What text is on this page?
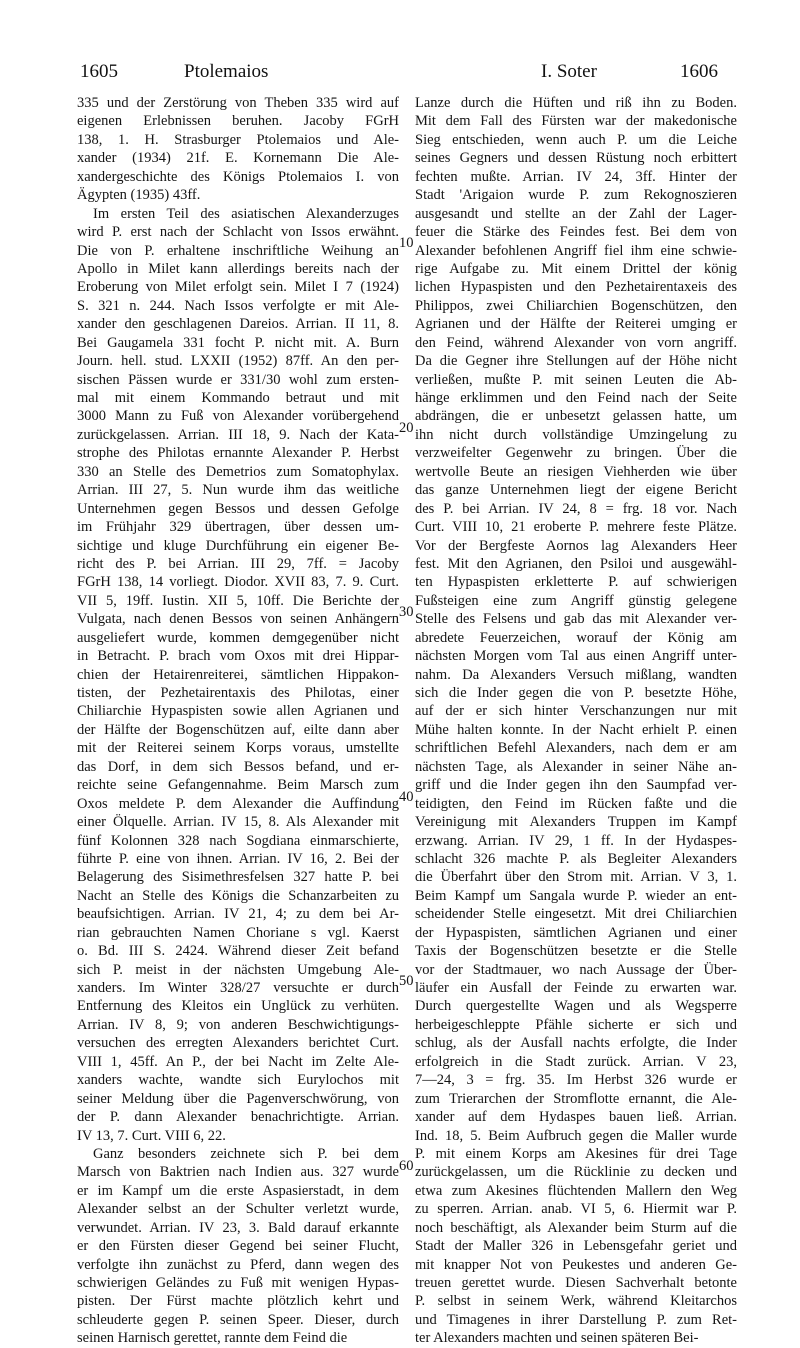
1605	Ptolemaios	I. Soter	1606
335 und der Zerstörung von Theben 335 wird auf
eigenen Erlebnissen beruhen. Jacoby FGrH
138, 1. H. Strasburger Ptolemaios und Ale-
xander (1934) 21f. E. Kornemann Die Ale-
xandergeschichte des Königs Ptolemaios I. von
Ägypten (1935) 43ff.
Im ersten Teil des asiatischen Alexanderzuges
wird P. erst nach der Schlacht von Issos erwähnt.
Die von P. erhaltene inschriftliche Weihung an
Apollo in Milet kann allerdings bereits nach der
Eroberung von Milet erfolgt sein. Milet I 7 (1924)
S. 321 n. 244. Nach Issos verfolgte er mit Ale-
xander den geschlagenen Dareios. Arrian. II 11, 8.
Bei Gaugamela 331 focht P. nicht mit. A. Burn
Journ. hell. stud. LXXII (1952) 87ff. An den per-
sischen Pässen wurde er 331/30 wohl zum ersten-
mal mit einem Kommando betraut und mit
3000 Mann zu Fuß von Alexander vorübergehend
zurückgelassen. Arrian. III 18, 9. Nach der Kata-
strophe des Philotas ernannte Alexander P. Herbst
330 an Stelle des Demetrios zum Somatophylax.
Arrian. III 27, 5. Nun wurde ihm das weitliche
Unternehmen gegen Bessos und dessen Gefolge
im Frühjahr 329 übertragen, über dessen um-
sichtige und kluge Durchführung ein eigener Be-
richt des P. bei Arrian. III 29, 7ff. = Jacoby
FGrH 138, 14 vorliegt. Diodor. XVII 83, 7. 9. Curt.
VII 5, 19ff. Iustin. XII 5, 10ff. Die Berichte der
Vulgata, nach denen Bessos von seinen Anhängern
ausgeliefert wurde, kommen demgegenüber nicht
in Betracht. P. brach vom Oxos mit drei Hippar-
chien der Hetairenreiterei, sämtlichen Hippakon-
tisten, der Pezhetairentaxis des Philotas, einer
Chiliarchie Hypaspisten sowie allen Agrianen und
der Hälfte der Bogenschützen auf, eilte dann aber
mit der Reiterei seinem Korps voraus, umstellte
das Dorf, in dem sich Bessos befand, und er-
reichte seine Gefangennahme. Beim Marsch zum
Oxos meldete P. dem Alexander die Auffindung
einer Ölquelle. Arrian. IV 15, 8. Als Alexander mit
fünf Kolonnen 328 nach Sogdiana einmarschierte,
führte P. eine von ihnen. Arrian. IV 16, 2. Bei der
Belagerung des Sisimethresfelsen 327 hatte P. bei
Nacht an Stelle des Königs die Schanzarbeiten zu
beaufsichtigen. Arrian. IV 21, 4; zu dem bei Ar-
rian gebrauchten Namen Choriane s vgl. Kaerst
o. Bd. III S. 2424. Während dieser Zeit befand
sich P. meist in der nächsten Umgebung Ale-
xanders. Im Winter 328/27 versuchte er durch
Entfernung des Kleitos ein Unglück zu verhüten.
Arrian. IV 8, 9; von anderen Beschwichtigungs-
versuchen des erregten Alexanders berichtet Curt.
VIII 1, 45ff. An P., der bei Nacht im Zelte Ale-
xanders wachte, wandte sich Eurylochos mit
seiner Meldung über die Pagenverschwörung, von
der P. dann Alexander benachrichtigte. Arrian.
IV 13, 7. Curt. VIII 6, 22.
Ganz besonders zeichnete sich P. bei dem
Marsch von Baktrien nach Indien aus. 327 wurde
er im Kampf um die erste Aspasierstadt, in dem
Alexander selbst an der Schulter verletzt wurde,
verwundet. Arrian. IV 23, 3. Bald darauf erkannte
er den Fürsten dieser Gegend bei seiner Flucht,
verfolgte ihn zunächst zu Pferd, dann wegen des
schwierigen Geländes zu Fuß mit wenigen Hypas-
pisten. Der Fürst machte plötzlich kehrt und
schleuderte gegen P. seinen Speer. Dieser, durch
seinen Harnisch gerettet, rannte dem Feind die
Lanze durch die Hüften und riß ihn zu Boden.
Mit dem Fall des Fürsten war der makedonische
Sieg entschieden, wenn auch P. um die Leiche
seines Gegners und dessen Rüstung noch erbittert
fechten mußte. Arrian. IV 24, 3ff. Hinter der
Stadt 'Arigaion wurde P. zum Rekognoszieren
ausgesandt und stellte an der Zahl der Lager-
feuer die Stärke des Feindes fest. Bei dem von
Alexander befohlenen Angriff fiel ihm eine schwie-
rige Aufgabe zu. Mit einem Drittel der könig
lichen Hypaspisten und den Pezhetairentaxeis des
Philippos, zwei Chiliarchien Bogenschützen, den
Agrianen und der Hälfte der Reiterei umging er
den Feind, während Alexander von vorn angriff.
Da die Gegner ihre Stellungen auf der Höhe nicht
verließen, mußte P. mit seinen Leuten die Ab-
hänge erklimmen und den Feind nach der Seite
abdrängen, die er unbesetzt gelassen hatte, um
ihn nicht durch vollständige Umzingelung zu
verzweifelter Gegenwehr zu bringen. Über die
wertvolle Beute an riesigen Viehherden wie über
das ganze Unternehmen liegt der eigene Bericht
des P. bei Arrian. IV 24, 8 = frg. 18 vor. Nach
Curt. VIII 10, 21 eroberte P. mehrere feste Plätze.
Vor der Bergfeste Aornos lag Alexanders Heer
fest. Mit den Agrianen, den Psiloi und ausgewähl-
ten Hypaspisten erkletterte P. auf schwierigen
Fußsteigen eine zum Angriff günstig gelegene
Stelle des Felsens und gab das mit Alexander ver-
abredete Feuerzeichen, worauf der König am
nächsten Morgen vom Tal aus einen Angriff unter-
nahm. Da Alexanders Versuch mißlang, wandten
sich die Inder gegen die von P. besetzte Höhe,
auf der er sich hinter Verschanzungen nur mit
Mühe halten konnte. In der Nacht erhielt P. einen
schriftlichen Befehl Alexanders, nach dem er am
nächsten Tage, als Alexander in seiner Nähe an-
griff und die Inder gegen ihn den Saumpfad ver-
teidigten, den Feind im Rücken faßte und die
Vereinigung mit Alexanders Truppen im Kampf
erzwang. Arrian. IV 29, 1 ff. In der Hydaspes-
schlacht 326 machte P. als Begleiter Alexanders
die Überfahrt über den Strom mit. Arrian. V 3, 1.
Beim Kampf um Sangala wurde P. wieder an ent-
scheidender Stelle eingesetzt. Mit drei Chiliarchien
der Hypaspisten, sämtlichen Agrianen und einer
Taxis der Bogenschützen besetzte er die Stelle
vor der Stadtmauer, wo nach Aussage der Über-
läufer ein Ausfall der Feinde zu erwarten war.
Durch quergestellte Wagen und als Wegsperre
herbeigeschleppte Pfähle sicherte er sich und
schlug, als der Ausfall nachts erfolgte, die Inder
erfolgreich in die Stadt zurück. Arrian. V 23,
7—24, 3 = frg. 35. Im Herbst 326 wurde er
zum Trierarchen der Stromflotte ernannt, die Ale-
xander auf dem Hydaspes bauen ließ. Arrian.
Ind. 18, 5. Beim Aufbruch gegen die Maller wurde
P. mit einem Korps am Akesines für drei Tage
zurückgelassen, um die Rücklinie zu decken und
etwa zum Akesines flüchtenden Mallern den Weg
zu sperren. Arrian. anab. VI 5, 6. Hiermit war P.
noch beschäftigt, als Alexander beim Sturm auf die
Stadt der Maller 326 in Lebensgefahr geriet und
mit knapper Not von Peukestes und anderen Ge-
treuen gerettet wurde. Diesen Sachverhalt betonte
P. selbst in seinem Werk, während Kleitarchos
und Timagenes in ihrer Darstellung P. zum Ret-
ter Alexanders machten und seinen späteren Bei-
10
20
30
40
50
60
